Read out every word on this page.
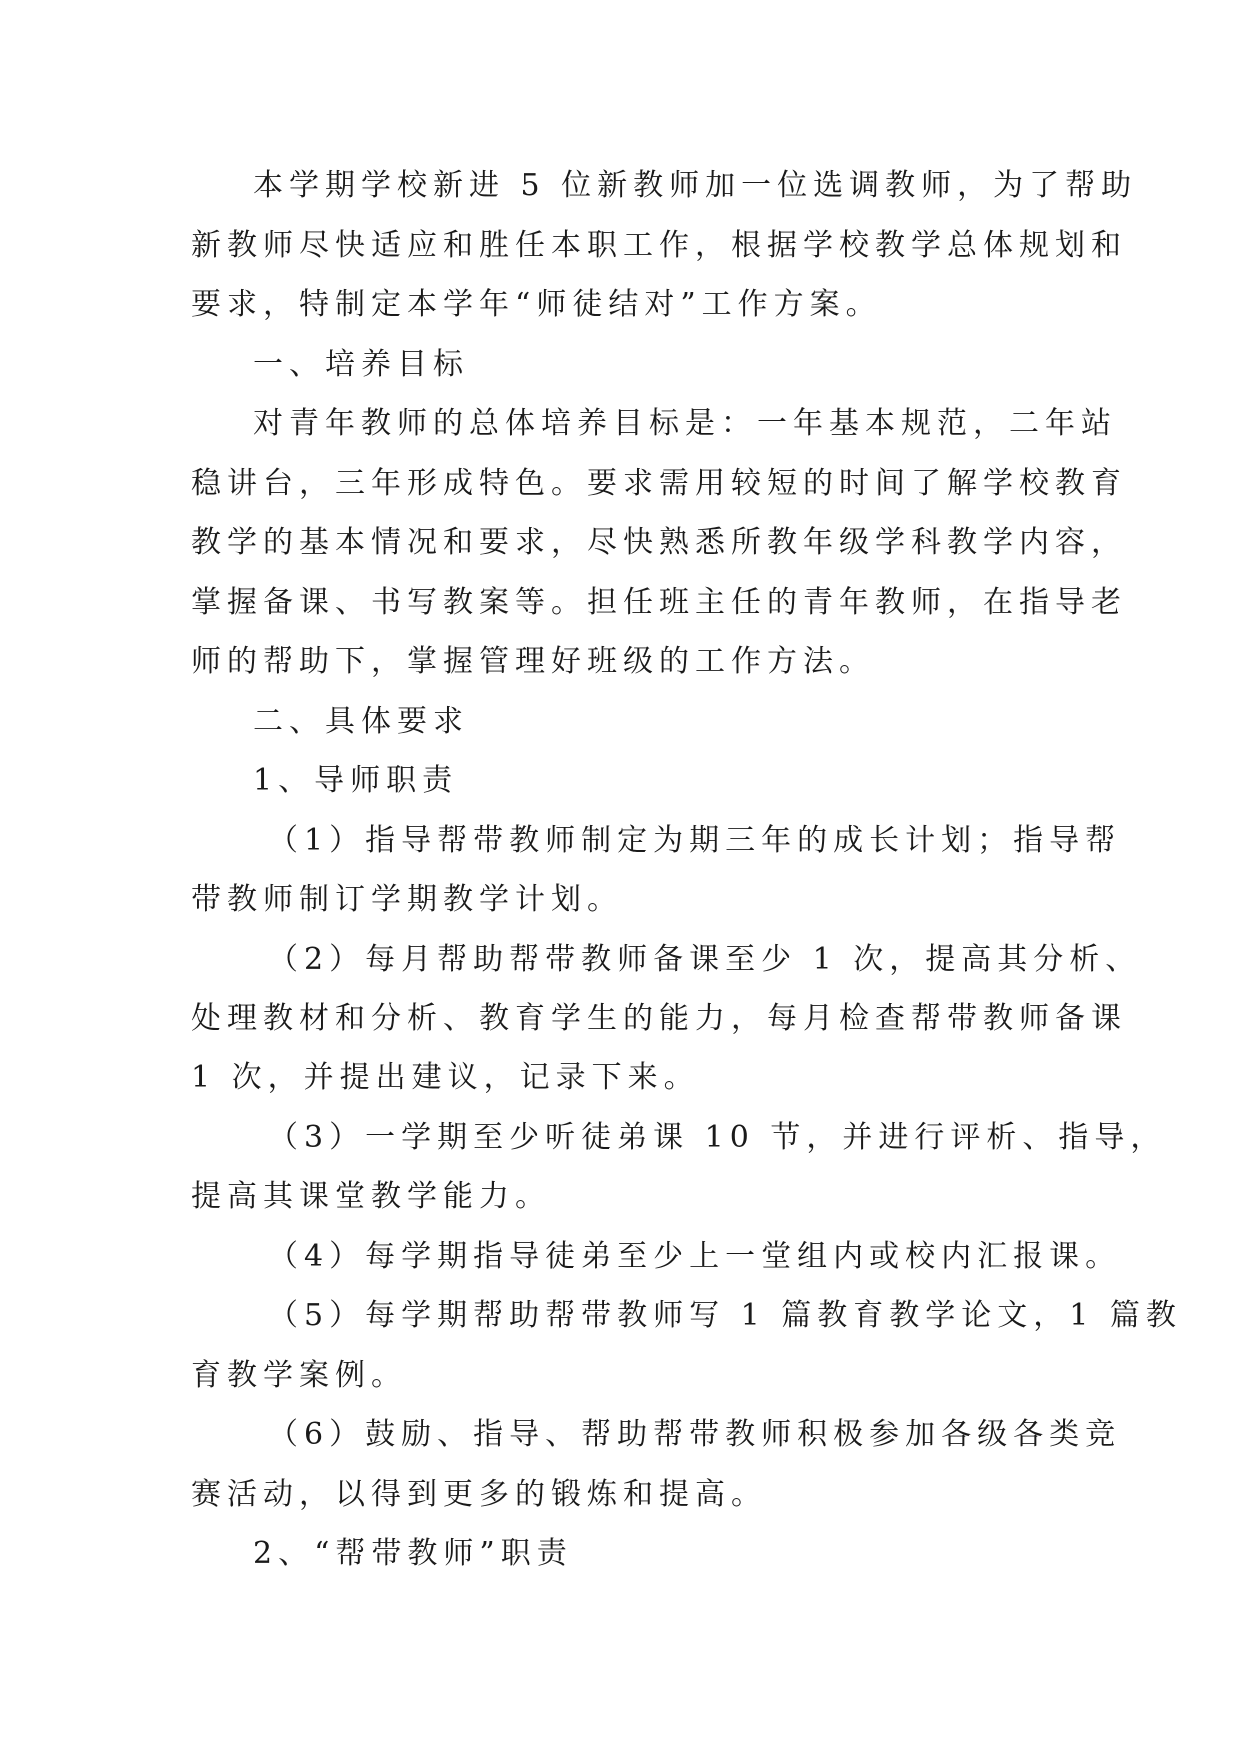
本学期学校新进 5 位新教师加一位选调教师，为了帮助
新教师尽快适应和胜任本职工作，根据学校教学总体规划和
要求，特制定本学年“师徒结对”工作方案。
一、培养目标
对青年教师的总体培养目标是：一年基本规范，二年站
稳讲台，三年形成特色。要求需用较短的时间了解学校教育
教学的基本情况和要求，尽快熟悉所教年级学科教学内容，
掌握备课、书写教案等。担任班主任的青年教师，在指导老
师的帮助下，掌握管理好班级的工作方法。
二、具体要求
1、导师职责
（1）指导帮带教师制定为期三年的成长计划；指导帮
带教师制订学期教学计划。
（2）每月帮助帮带教师备课至少 1 次，提高其分析、
处理教材和分析、教育学生的能力，每月检查帮带教师备课
1 次，并提出建议，记录下来。
（3）一学期至少听徒弟课 10 节，并进行评析、指导，
提高其课堂教学能力。
（4）每学期指导徒弟至少上一堂组内或校内汇报课。
（5）每学期帮助帮带教师写 1 篇教育教学论文，1 篇教
育教学案例。
（6）鼓励、指导、帮助帮带教师积极参加各级各类竞
赛活动，以得到更多的锻炼和提高。
2、“帮带教师”职责
